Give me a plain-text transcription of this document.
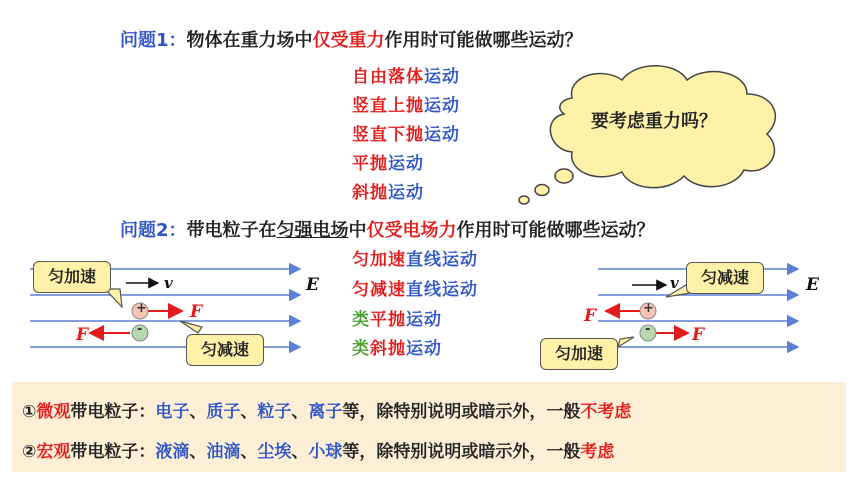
问题1：物体在重力场中仅受重力作用时可能做哪些运动？
自由落体运动
竖直上抛运动
竖直下抛运动
平抛运动
斜抛运动
要考虑重力吗？
问题2：带电粒子在匀强电场中仅受电场力作用时可能做哪些运动？
匀加速直线运动
匀减速直线运动
类平抛运动
类斜抛运动
v
+
-
F
F
E
匀加速
匀减速
v
+
-
F
F
E
匀减速
匀加速
①微观带电粒子：电子、质子、粒子、离子等，除特别说明或暗示外，一般不考虑
②宏观带电粒子：液滴、油滴、尘埃、小球等，除特别说明或暗示外，一般考虑
